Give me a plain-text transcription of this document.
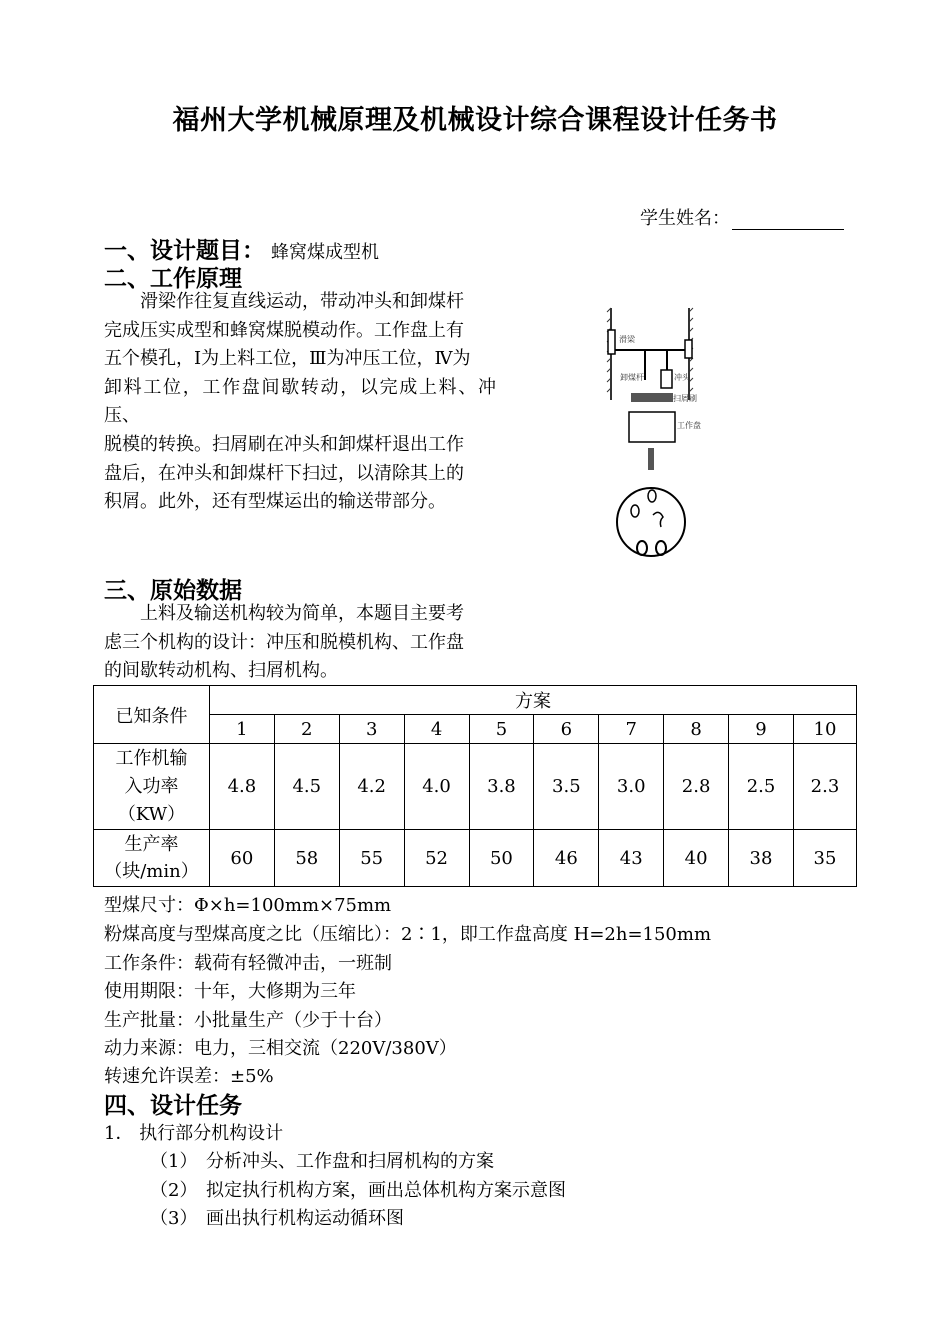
福州大学机械原理及机械设计综合课程设计任务书
学生姓名：
一、设计题目： 蜂窝煤成型机
二、工作原理

滑梁作往复直线运动，带动冲头和卸煤杆

完成压实成型和蜂窝煤脱模动作。工作盘上有

五个模孔，Ⅰ为上料工位，Ⅲ为冲压工位，Ⅳ为

卸料工位，工作盘间歇转动，以完成上料、冲压、

脱模的转换。扫屑刷在冲头和卸煤杆退出工作

盘后，在冲头和卸煤杆下扫过，以清除其上的

积屑。此外，还有型煤运出的输送带部分。

滑梁
卸煤杆	冲头
扫屑刷
工作盘
三、原始数据

上料及输送机构较为简单，本题目主要考

虑三个机构的设计：冲压和脱模机构、工作盘

的间歇转动机构、扫屑机构。

已知条件	方案									
	1	2	3	4	5	6	7	8	9	10

工作机输
入功率
（KW）	4.8	4.5	4.2	4.0	3.8	3.5	3.0	2.8	2.5	2.3

生产率
（块/min）	60	58	55	52	50	46	43	40	38	35
型煤尺寸：Φ×h=100mm×75mm
粉煤高度与型煤高度之比（压缩比）：2∶1，即工作盘高度 H=2h=150mm
工作条件：载荷有轻微冲击，一班制
使用期限：十年，大修期为三年
生产批量：小批量生产（少于十台）
动力来源：电力，三相交流（220V/380V）
转速允许误差：±5%
四、设计任务
1． 执行部分机构设计
（1） 分析冲头、工作盘和扫屑机构的方案
（2） 拟定执行机构方案，画出总体机构方案示意图
（3） 画出执行机构运动循环图
